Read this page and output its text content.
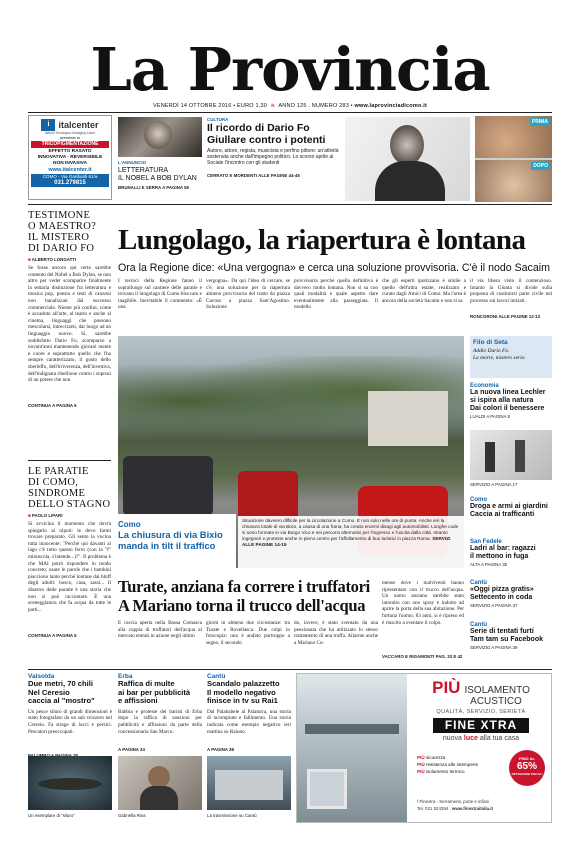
La Provincia
VENERDÌ 14 OTTOBRE 2016 • EURO 1,30  ≋  ANNO 125 . NUMERO 283 • www.laprovinciadicomo.it
i	italcenter
Istituto Tricologico Antiaging Laser
presenta la
TRICOPIGMENTAZIONE
EFFETTO RASATO
INNOVATIVA - REVERSIBILE
NON INVASIVA
www.italcenter.it
COMO - Via Garibaldi 61/a
031.279815
L'ANNUNCIO
LETTERATURA
IL NOBEL A BOB DYLAN
BRUNALLI E SERRA A PAGINA 55
CULTURA
Il ricordo di Dario Fo
Giullare contro i potenti
Autore, attore, regista, musicista e perfino pittore: un'attività sostenuta anche dall'impegno politico. Lo scorso aprile al Sociale l'incontro con gli studenti
CERRATO E MORDENTI ALLE PAGINE 44-45
PRIMA
DOPO
TESTIMONE
O MAESTRO?
IL MISTERO
DI DARIO FO
■ ALBERTO LONGATTI
Se fosse ancora qui certo sarebbe contento del Nobel a Bob Dylan, se non altro per veder scomparire finalmente la settaria distinzione fra letteratura e musica pop, poesia e testi di canzoni non banalizzati dal successo commerciale. Niente più confini, come è accaduto all'arte, al teatro e anche al cinema, linguaggi che possono mescolarsi, intrecciarsi, dar luogo ad un linguaggio nuovo. Sì, sarebbe soddisfatto Dario Fo, scomparso a novant'anni mantenendo giovani mente e cuore e soprattutto quello che l'ha sempre caratterizzato, il gusto dello sberleffo, dell'irriverenza, dell'invettiva, dell'indignata ribellione contro i soprusi di un potere che non
CONTINUA A PAGINA 6
LE PARATIE
DI COMO,
SINDROME
DELLO STAGNO
■ PAOLO LIPARI
Si avvicina il momento che dovrà spiegarlo ai nipoti: le devo farmi trovare preparato. Gli sento la vocina tutta innocente: "Perché qui davanti al lago c'è tutto questo ferro (con la "f" minuscola, s'intende...)?". Il problema è che MAI potrò rispondere in modo concreto, usare le parole che i bambini piacciono tanto perché lontane dai bluff degli adulti: bosco, casa, sassi... Il disastro delle paratie è una storia che non si può raccontare. È una sceneggiatura che fa acqua da tutte le parti...
CONTINUA A PAGINA 6
Lungolago, la riapertura è lontana
Ora la Regione dice: «Una vergogna» e cerca una soluzione provvisoria. C'è il nodo Sacaim
I tecnici della Regione fanno il sopralluogo sul cantiere delle paratie e trovano il lungolago di Como bloccato e inagibile. Inevitabile il commento: «È una
vergogna». Da qui l'idea di cercare, se c'è, una soluzione per la riapertura almeno provvisoria del tratto da piazza Cavour a piazza Sant'Agostino. Soluzione
provvisoria perché quella definitiva è davvero molto lontana. Non si sa con quali modalità e quale aspetto dare eventualmente alla passeggiata. Il modello
che gli esperti ipotizzano è simile a quello dell'altra estate, realizzato e curato dagli Amici di Como. Ma l'area è ancora della società Sacaim e non si sa
il via libera visto il contenzioso. Intanto la Giunta si divide sulla proposta di costituirsi parte civile nel processo sui lavori iniziati.
RONCORONI ALLE PAGINE 12-13
Como
La chiusura di via Bixio
manda in tilt il traffico
Situazione davvero difficile per la circolazione a Como. E non solo nelle ore di punta. Anche ieri la chiusura totale di via Bixio, a causa di una frana, ha creato enormi disagi agli automobilisti. Lunghe code si sono formate in via Borgo Vico e nei percorsi alternativi per l'ingresso e l'uscita dalla città. Intanto ingegneri e proteste anche in pieno centro per l'affollamento di bus turistici in piazza Roma. SERVIZI ALLE PAGINE 14-15
Filo di Seta
Addio Dario Fo.
La morte, mistero serio.
Economia
La nuova linea Lechler si ispira alla natura
Dai colori il benessere
LUALDI A PAGINA 8
SERVIZIO A PAGINA 17
Como
Droga e armi ai giardini
Caccia ai trafficanti
San Fedele
Ladri al bar: ragazzi
il mettono in fuga
ALTA A PAGINA 35
Cantù
«Oggi pizza gratis»
Settecento in coda
SERVIZIO A PAGINA 37
Cantù
Serie di tentati furti
Tam tam su Facebook
SERVIZIO A PAGINA 39
Turate, anziana fa correre i truffatori
A Mariano torna il trucco dell'acqua
È caccia aperta nella Bassa Comasca alla coppia di truffatori dell'acqua al mercato entrati in azione negli ultimi
giorni in almeno due circostanze: tra Turate e Rovellasca. Due colpi in fotocopia: uno è andato purtroppo a segno, il secondo
do, invece, è stato sventato da una pensionata che ha utilizzato lo stesso trattamento di una truffa. Allarme anche a Mariano Co-
mense dove i malviventi hanno ripresentato con il trucco dell'acqua. Un uomo anziano sarebbe stato intontito con uno spray e indotto ad aprire la porta della sua abitazione. Per fortuna l'uomo, 83 anni, si è ripreso ed è riuscito a sventare il colpo.
VACCARO E RIGAMONTI PAG. 33 E 42
Valsolda
Due metri, 70 chili
Nel Ceresio
caccia al "mostro"
Un pesce siluro di grandi dimensioni è stato fotografato da un sub svizzero nel Ceresio. Fa strage di lucci e persici. Pescatori preoccupati.
Un esemplare di "siluro"
Erba
Raffica di multe
ai bar per pubblicità
e affissioni
Babbia e proteste dei baristi di Erba dopo la raffica di sanzioni per pubblicità e affissioni da parte della concessionaria San Marco.
A PAGINA 34
Gabriella Riva
Cantù
Scandalo palazzetto
Il modello negativo
finisce in tv su Rai1
Dal Palababele al Palaturra, una storia di incompiute e fallimento. Una storia indicata come esempio negativo ieri mattina su Raiuno.
A PAGINA 38
La trasmissione su Cantù
PIÙ ISOLAMENTO
ACUSTICO
QUALITÀ, SERVIZIO, SERIETÀ
FINE XTRA
nuova luce alla tua casa
PIÙ sicurezza
PIÙ resistenza alle intemperie
PIÙ isolamento termico
FINO AL
65%
DETRAZIONI FISCALI
f Finextra - Serramenti, porte e infissi
Tel. 031 524394 www.finextraitalia.it
